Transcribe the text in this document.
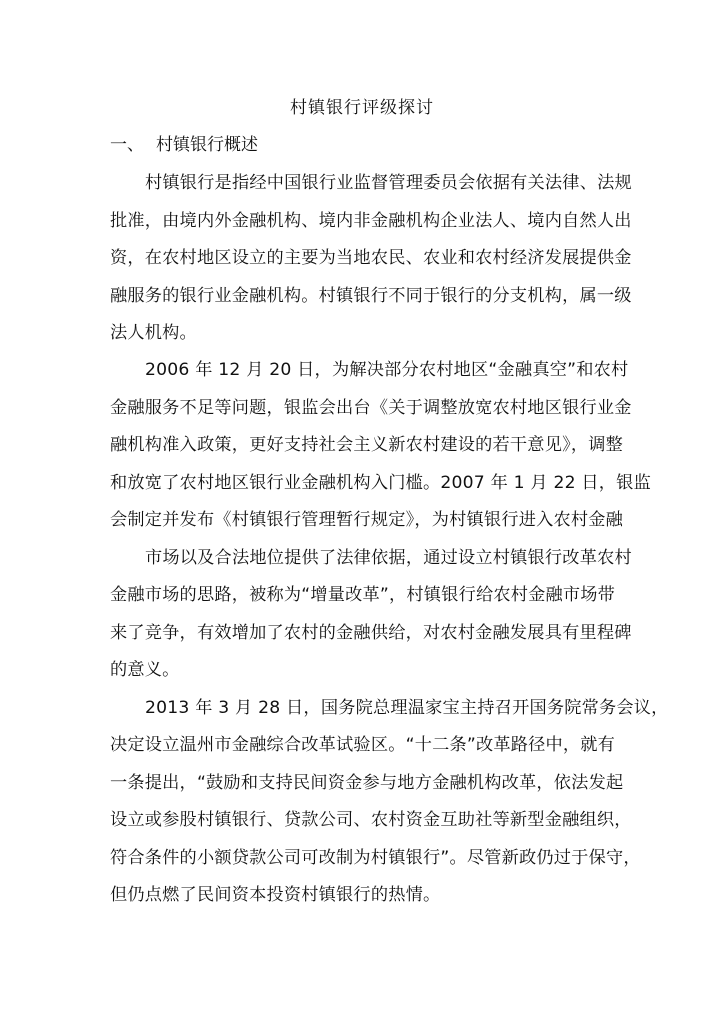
村镇银行评级探讨
一、 村镇银行概述
村镇银行是指经中国银行业监督管理委员会依据有关法律、法规
批准，由境内外金融机构、境内非金融机构企业法人、境内自然人出
资，在农村地区设立的主要为当地农民、农业和农村经济发展提供金
融服务的银行业金融机构。村镇银行不同于银行的分支机构，属一级
法人机构。
2006 年 12 月 20 日，为解决部分农村地区“金融真空”和农村
金融服务不足等问题，银监会出台《关于调整放宽农村地区银行业金
融机构准入政策，更好支持社会主义新农村建设的若干意见》，调整
和放宽了农村地区银行业金融机构入门槛。2007 年 1 月 22 日，银监
会制定并发布《村镇银行管理暂行规定》，为村镇银行进入农村金融
市场以及合法地位提供了法律依据，通过设立村镇银行改革农村
金融市场的思路，被称为“增量改革”，村镇银行给农村金融市场带
来了竞争，有效增加了农村的金融供给，对农村金融发展具有里程碑
的意义。
2013 年 3 月 28 日，国务院总理温家宝主持召开国务院常务会议，
决定设立温州市金融综合改革试验区。“十二条”改革路径中，就有
一条提出，“鼓励和支持民间资金参与地方金融机构改革，依法发起
设立或参股村镇银行、贷款公司、农村资金互助社等新型金融组织，
符合条件的小额贷款公司可改制为村镇银行”。尽管新政仍过于保守，
但仍点燃了民间资本投资村镇银行的热情。
